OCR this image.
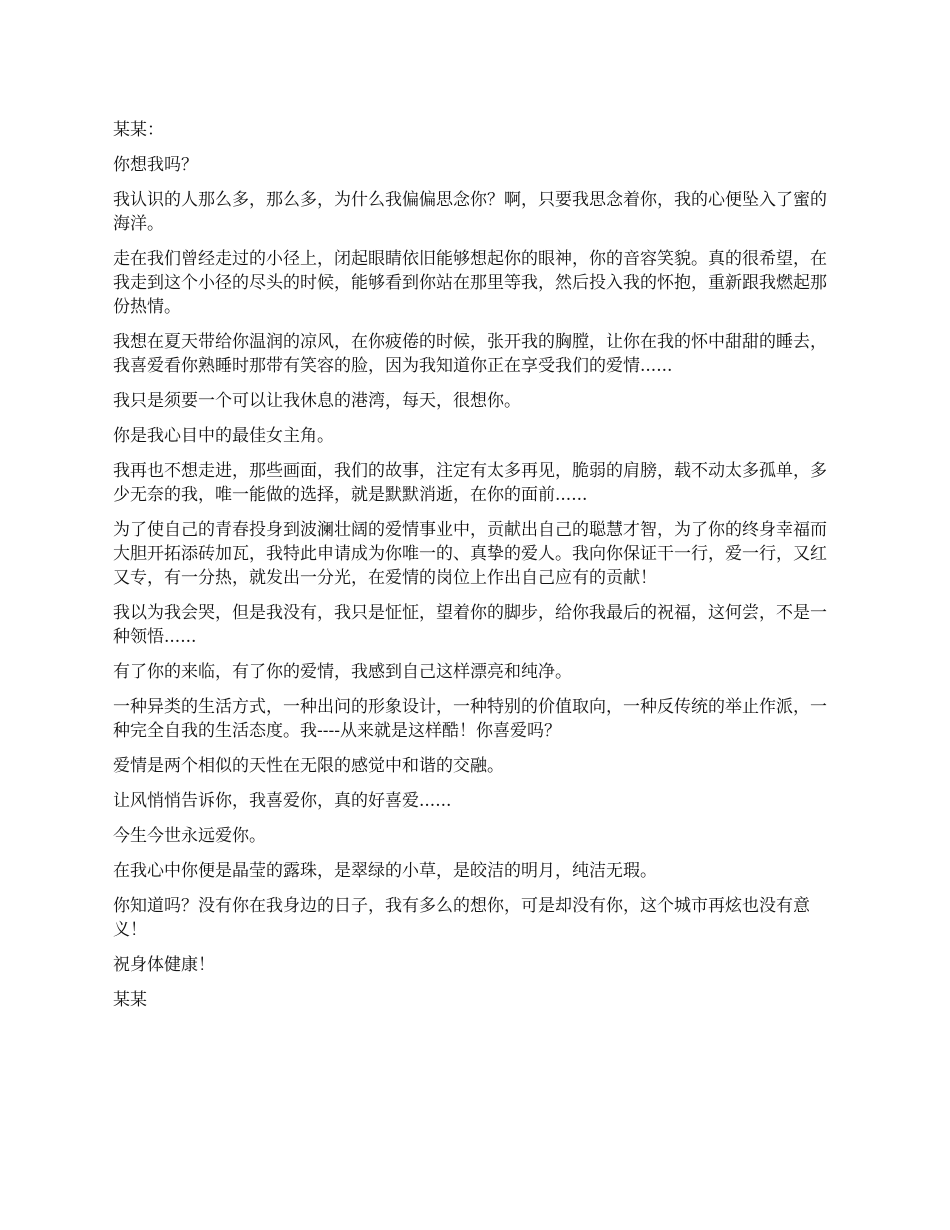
某某：

你想我吗？

我认识的人那么多，那么多，为什么我偏偏思念你？啊，只要我思念着你，我的心便坠入了蜜的海洋。

走在我们曾经走过的小径上，闭起眼睛依旧能够想起你的眼神，你的音容笑貌。真的很希望，在我走到这个小径的尽头的时候，能够看到你站在那里等我，然后投入我的怀抱，重新跟我燃起那份热情。

我想在夏天带给你温润的凉风，在你疲倦的时候，张开我的胸膛，让你在我的怀中甜甜的睡去，我喜爱看你熟睡时那带有笑容的脸，因为我知道你正在享受我们的爱情......

我只是须要一个可以让我休息的港湾，每天，很想你。

你是我心目中的最佳女主角。

我再也不想走进，那些画面，我们的故事，注定有太多再见，脆弱的肩膀，载不动太多孤单，多少无奈的我，唯一能做的选择，就是默默消逝，在你的面前......

为了使自己的青春投身到波澜壮阔的爱情事业中，贡献出自己的聪慧才智，为了你的终身幸福而大胆开拓添砖加瓦，我特此申请成为你唯一的、真挚的爱人。我向你保证干一行，爱一行，又红又专，有一分热，就发出一分光，在爱情的岗位上作出自己应有的贡献！

我以为我会哭，但是我没有，我只是怔怔，望着你的脚步，给你我最后的祝福，这何尝，不是一种领悟......

有了你的来临，有了你的爱情，我感到自己这样漂亮和纯净。

一种异类的生活方式，一种出问的形象设计，一种特别的价值取向，一种反传统的举止作派，一种完全自我的生活态度。我----从来就是这样酷！你喜爱吗？

爱情是两个相似的天性在无限的感觉中和谐的交融。

让风悄悄告诉你，我喜爱你，真的好喜爱......

今生今世永远爱你。

在我心中你便是晶莹的露珠，是翠绿的小草，是皎洁的明月，纯洁无瑕。

你知道吗？没有你在我身边的日子，我有多么的想你，可是却没有你，这个城市再炫也没有意义！

祝身体健康！

某某
